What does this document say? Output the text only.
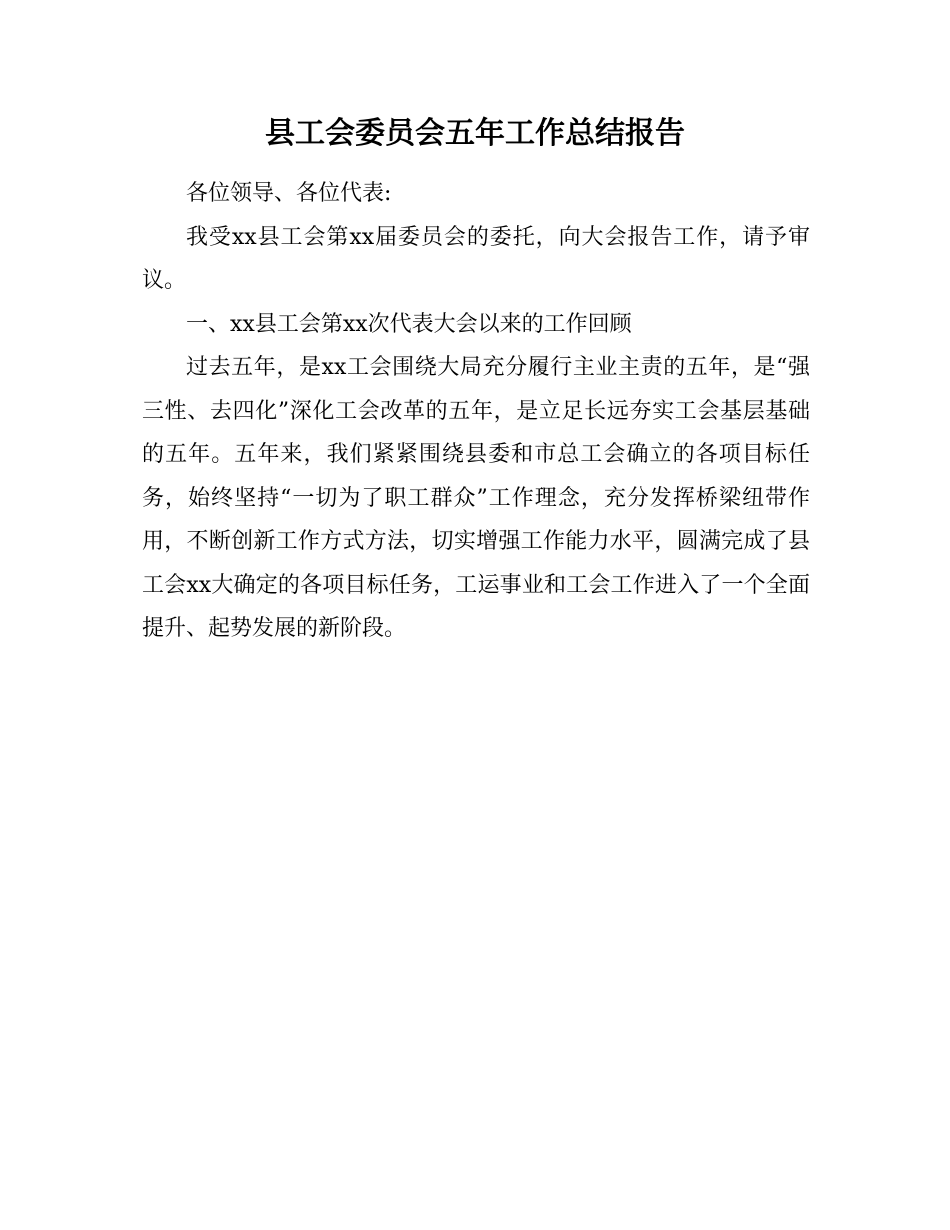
县工会委员会五年工作总结报告

各位领导、各位代表:

我受xx县工会第xx届委员会的委托，向大会报告工作，请予审议。

一、xx县工会第xx次代表大会以来的工作回顾

过去五年，是xx工会围绕大局充分履行主业主责的五年，是“强三性、去四化”深化工会改革的五年，是立足长远夯实工会基层基础的五年。五年来，我们紧紧围绕县委和市总工会确立的各项目标任务，始终坚持“一切为了职工群众”工作理念，充分发挥桥梁纽带作用，不断创新工作方式方法，切实增强工作能力水平，圆满完成了县工会xx大确定的各项目标任务，工运事业和工会工作进入了一个全面提升、起势发展的新阶段。
